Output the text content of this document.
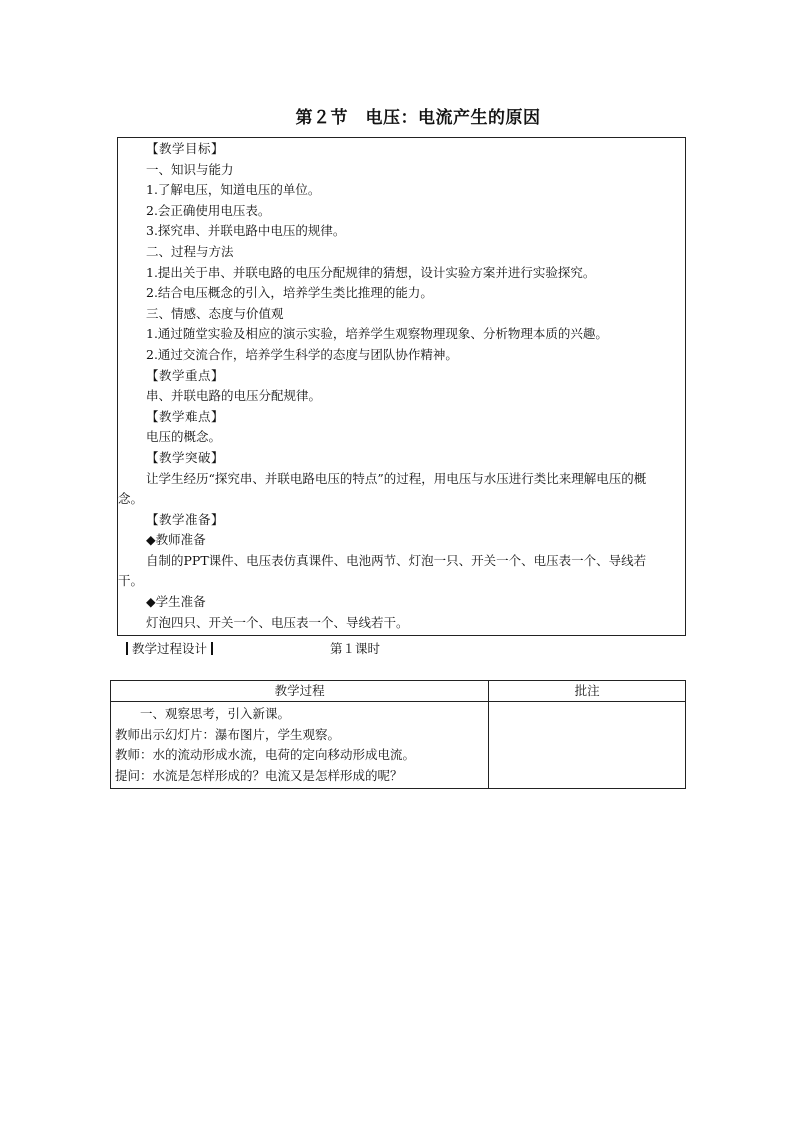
第２节　电压：电流产生的原因
【教学目标】
一、知识与能力
1.了解电压，知道电压的单位。
2.会正确使用电压表。
3.探究串、并联电路中电压的规律。
二、过程与方法
1.提出关于串、并联电路的电压分配规律的猜想，设计实验方案并进行实验探究。
2.结合电压概念的引入，培养学生类比推理的能力。
三、情感、态度与价值观
1.通过随堂实验及相应的演示实验，培养学生观察物理现象、分析物理本质的兴趣。
2.通过交流合作，培养学生科学的态度与团队协作精神。
【教学重点】
串、并联电路的电压分配规律。
【教学难点】
电压的概念。
【教学突破】
让学生经历“探究串、并联电路电压的特点”的过程，用电压与水压进行类比来理解电压的概念。
【教学准备】
◆教师准备
自制的PPT课件、电压表仿真课件、电池两节、灯泡一只、开关一个、电压表一个、导线若干。
◆学生准备
灯泡四只、开关一个、电压表一个、导线若干。
教学过程设计	第１课时
教学过程	批注

　　一、观察思考，引入新课。
教师出示幻灯片：瀑布图片，学生观察。
教师：水的流动形成水流，电荷的定向移动形成电流。
提问：水流是怎样形成的？电流又是怎样形成的呢？	
